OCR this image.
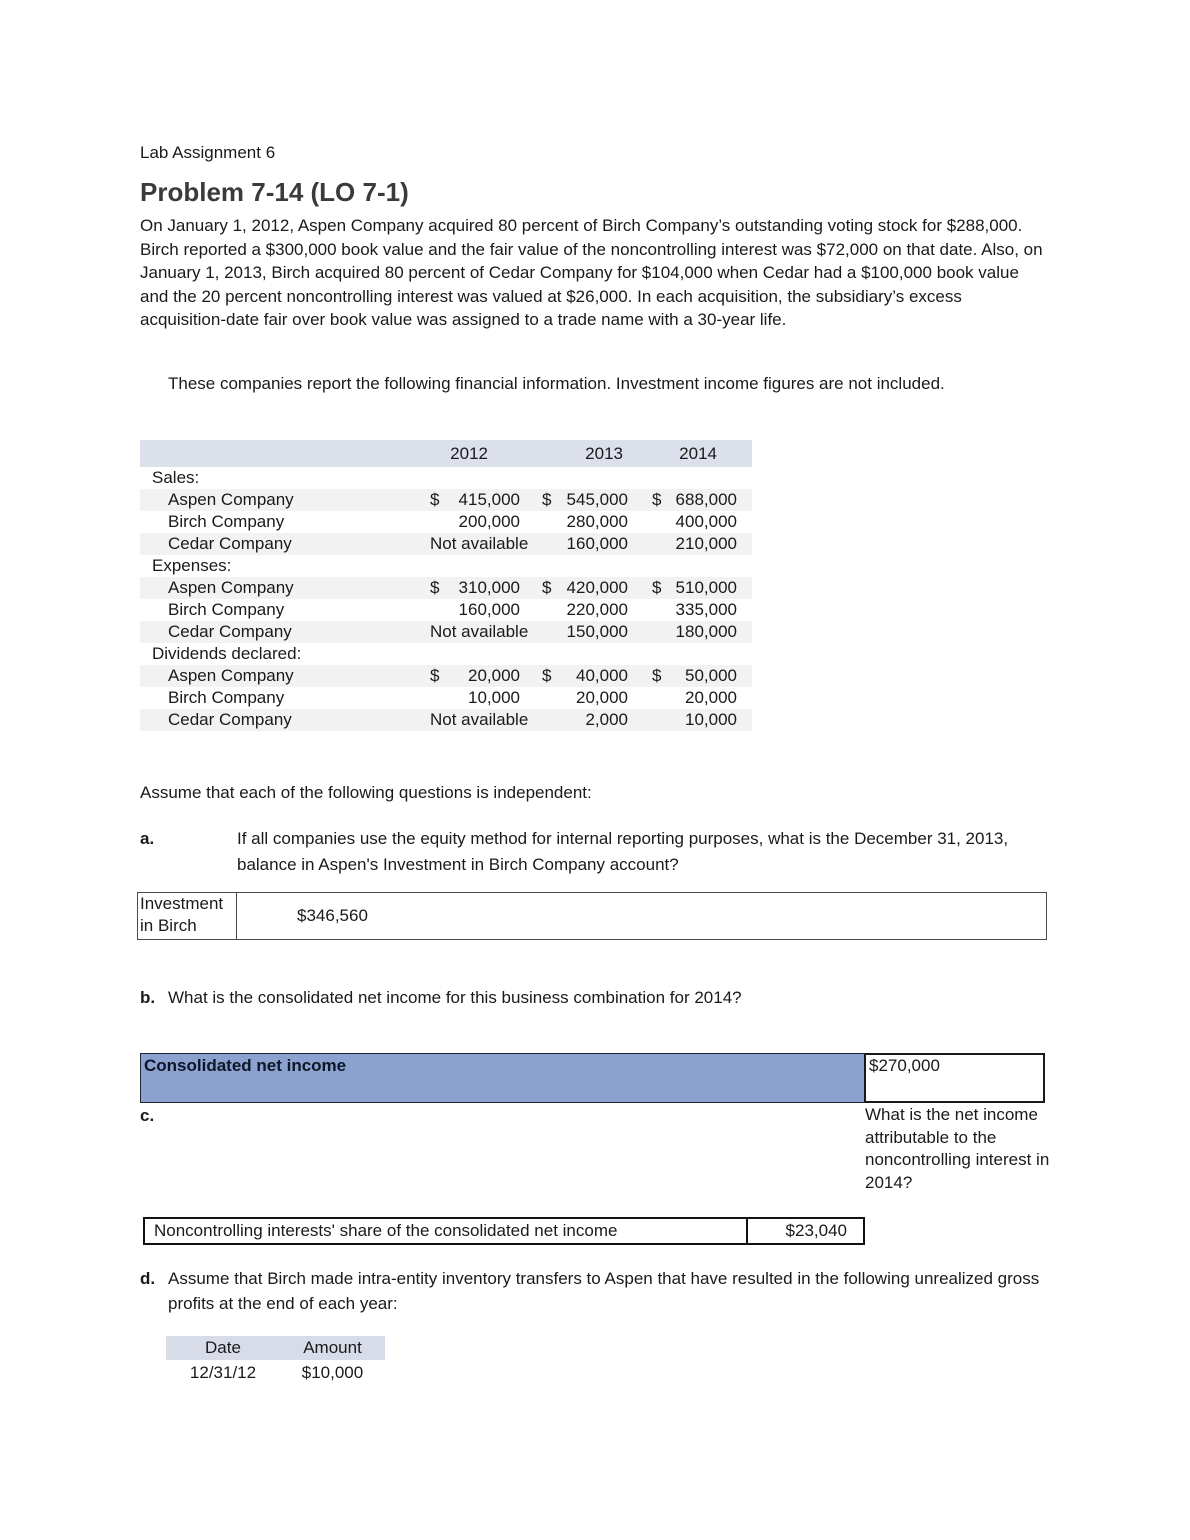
Lab Assignment 6
Problem 7-14 (LO 7-1)
On January 1, 2012, Aspen Company acquired 80 percent of Birch Company’s outstanding voting stock for $288,000. Birch reported a $300,000 book value and the fair value of the noncontrolling interest was $72,000 on that date. Also, on January 1, 2013, Birch acquired 80 percent of Cedar Company for $104,000 when Cedar had a $100,000 book value and the 20 percent noncontrolling interest was valued at $26,000. In each acquisition, the subsidiary’s excess acquisition-date fair over book value was assigned to a trade name with a 30-year life.
These companies report the following financial information. Investment income figures are not included.
2012	2013	2014
Sales:
Aspen Company	$ 415,000 $ 545,000 $ 688,000
Birch Company	200,000	280,000	400,000
Cedar Company	Not available 160,000	210,000
Expenses:
Aspen Company	$ 310,000 $ 420,000 $ 510,000
Birch Company	160,000	220,000	335,000
Cedar Company	Not available 150,000	180,000
Dividends declared:
Aspen Company	$ 20,000 $ 40,000 $ 50,000
Birch Company	10,000	20,000	20,000
Cedar Company	Not available	2,000	10,000
Assume that each of the following questions is independent:
a.	If all companies use the equity method for internal reporting purposes, what is the December 31, 2013, balance in Aspen's Investment in Birch Company account?
Investment in Birch
$346,560
b. What is the consolidated net income for this business combination for 2014?
Consolidated net income	$270,000
c.	What is the net income attributable to the noncontrolling interest in 2014?
Noncontrolling interests' share of the consolidated net income	$23,040
d. Assume that Birch made intra-entity inventory transfers to Aspen that have resulted in the following unrealized gross profits at the end of each year:
Date	Amount
12/31/12	$10,000
